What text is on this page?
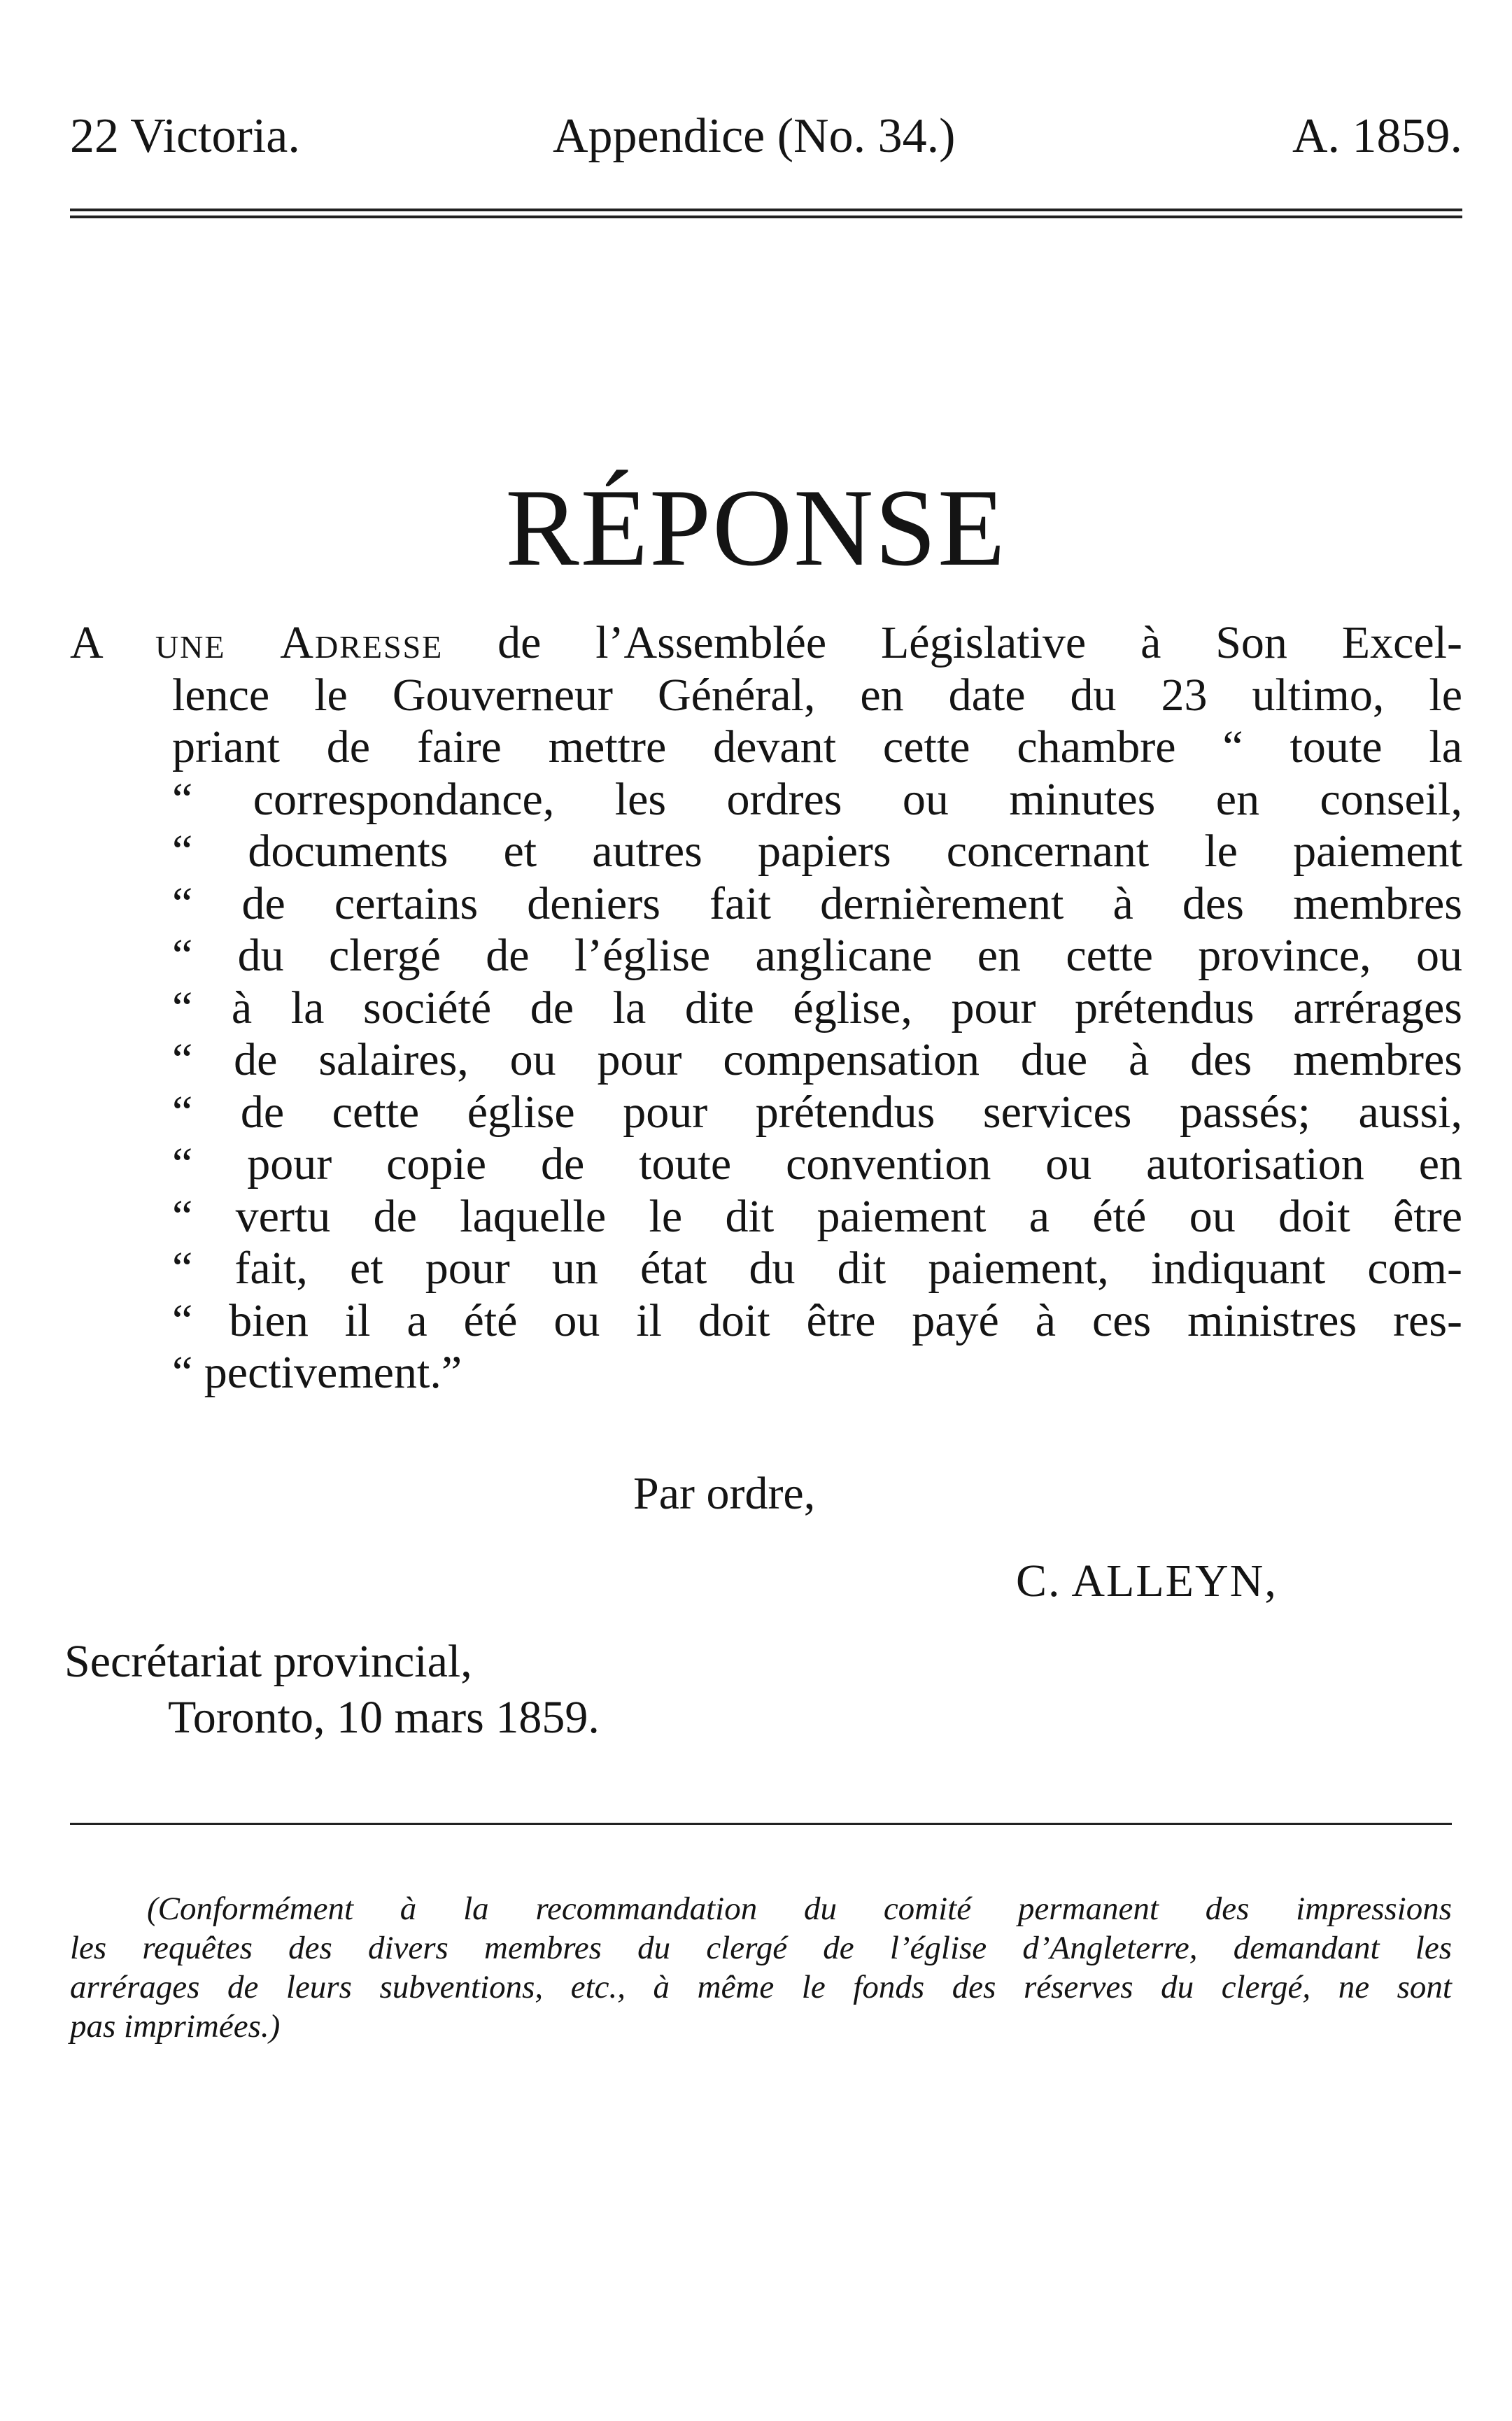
22 Victoria.	Appendice (No. 34.)	A. 1859.
RÉPONSE
A une Adresse de l’Assemblée Législative à Son Excel-
lence le Gouverneur Général, en date du 23 ultimo, le
priant de faire mettre devant cette chambre “ toute la
“ correspondance, les ordres ou minutes en conseil,
“ documents et autres papiers concernant le paiement
“ de certains deniers fait dernièrement à des membres
“ du clergé de l’église anglicane en cette province, ou
“ à la société de la dite église, pour prétendus arrérages
“ de salaires, ou pour compensation due à des membres
“ de cette église pour prétendus services passés; aussi,
“ pour copie de toute convention ou autorisation en
“ vertu de laquelle le dit paiement a été ou doit être
“ fait, et pour un état du dit paiement, indiquant com-
“ bien il a été ou il doit être payé à ces ministres res-
“ pectivement.”
Par ordre,
C. ALLEYN,
Secrétariat provincial,
Toronto, 10 mars 1859.
(Conformément à la recommandation du comité permanent des impressions
les requêtes des divers membres du clergé de l’église d’Angleterre, demandant les
arrérages de leurs subventions, etc., à même le fonds des réserves du clergé, ne sont
pas imprimées.)
